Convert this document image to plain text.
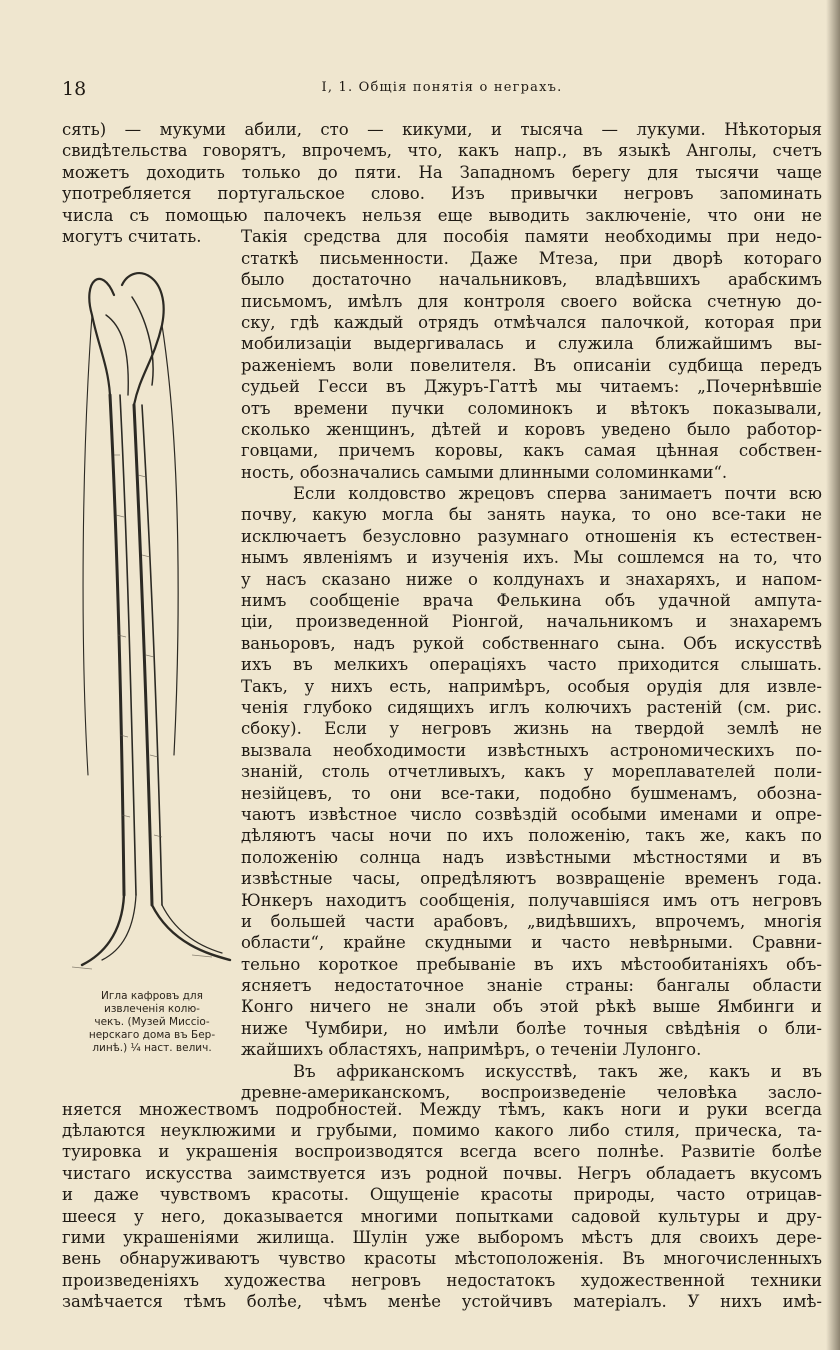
18	I, 1. Общія понятія о неграхъ.
сять) — мукуми абили, сто — кикуми, и тысяча — лукуми. Нѣкоторыя
свидѣтельства говорятъ, впрочемъ, что, какъ напр., въ языкѣ Анголы, счетъ
можетъ доходить только до пяти. На Западномъ берегу для тысячи чаще
употребляется португальское слово. Изъ привычки негровъ запоминать
числа съ помощью палочекъ нельзя еще выводить заключеніе, что они не
могутъ считать.	Такія средства для пособія памяти необходимы при недо-
статкѣ письменности. Даже Мтеза, при дворѣ котораго
было достаточно начальниковъ, владѣвшихъ арабскимъ
письмомъ, имѣлъ для контроля своего войска счетную до-
ску, гдѣ каждый отрядъ отмѣчался палочкой, которая при
мобилизаціи выдергивалась и служила ближайшимъ вы-
раженіемъ воли повелителя. Въ описаніи судбища передъ
судьей Гесси въ Джуръ-Гаттѣ мы читаемъ: „Почернѣвшіе
отъ времени пучки соломинокъ и вѣтокъ показывали,
сколько женщинъ, дѣтей и коровъ уведено было работор-
говцами, причемъ коровы, какъ самая цѣнная собствен-
ность, обозначались самыми длинными соломинками“.
Если колдовство жрецовъ сперва занимаетъ почти всю
почву, какую могла бы занять наука, то оно все-таки не
исключаетъ безусловно разумнаго отношенія къ естествен-
нымъ явленіямъ и изученія ихъ. Мы сошлемся на то, что
у насъ сказано ниже о колдунахъ и знахаряхъ, и напом-
нимъ сообщеніе врача Фелькина объ удачной ампута-
ціи, произведенной Ріонгой, начальникомъ и знахаремъ
ваньоровъ, надъ рукой собственнаго сына. Объ искусствѣ
ихъ въ мелкихъ операціяхъ часто приходится слышать.
Такъ, у нихъ есть, напримѣръ, особыя орудія для извле-
ченія глубоко сидящихъ иглъ колючихъ растеній (см. рис.
сбоку). Если у негровъ жизнь на твердой землѣ не
вызвала необходимости извѣстныхъ астрономическихъ по-
знаній, столь отчетливыхъ, какъ у мореплавателей поли-
незійцевъ, то они все-таки, подобно бушменамъ, обозна-
чаютъ извѣстное число созвѣздій особыми именами и опре-
дѣляютъ часы ночи по ихъ положенію, такъ же, какъ по
положенію солнца надъ извѣстными мѣстностями и въ
извѣстные часы, опредѣляютъ возвращеніе временъ года.
Юнкеръ находитъ сообщенія, получавшіяся имъ отъ негровъ
и большей части арабовъ, „видѣвшихъ, впрочемъ, многія
области“, крайне скудными и часто невѣрными. Сравни-
тельно короткое пребываніе въ ихъ мѣстообитаніяхъ объ-
ясняетъ недостаточное знаніе страны: бангалы области
Конго ничего не знали объ этой рѣкѣ выше Ямбинги и
ниже Чумбири, но имѣли болѣе точныя свѣдѣнія о бли-
жайшихъ областяхъ, напримѣръ, о теченіи Лулонго.
Въ африканскомъ искусствѣ, такъ же, какъ и въ
древне-американскомъ, воспроизведеніе человѣка засло-
Игла кафровъ для
извлеченія колю-
чекъ. (Музей Миссіо-
нерскаго дома въ Бер-
линѣ.) ¼ наст. велич.
няется множествомъ подробностей. Между тѣмъ, какъ ноги и руки всегда
дѣлаются неуклюжими и грубыми, помимо какого либо стиля, прическа, та-
туировка и украшенія воспроизводятся всегда всего полнѣе. Развитіе болѣе
чистаго искусства заимствуется изъ родной почвы. Негръ обладаетъ вкусомъ
и даже чувствомъ красоты. Ощущеніе красоты природы, часто отрицав-
шееся у него, доказывается многими попытками садовой культуры и дру-
гими украшеніями жилища. Шулін уже выборомъ мѣстъ для своихъ дере-
вень обнаруживаютъ чувство красоты мѣстоположенія. Въ многочисленныхъ
произведеніяхъ художества негровъ недостатокъ художественной техники
замѣчается тѣмъ болѣе, чѣмъ менѣе устойчивъ матеріалъ. У нихъ имѣ-
